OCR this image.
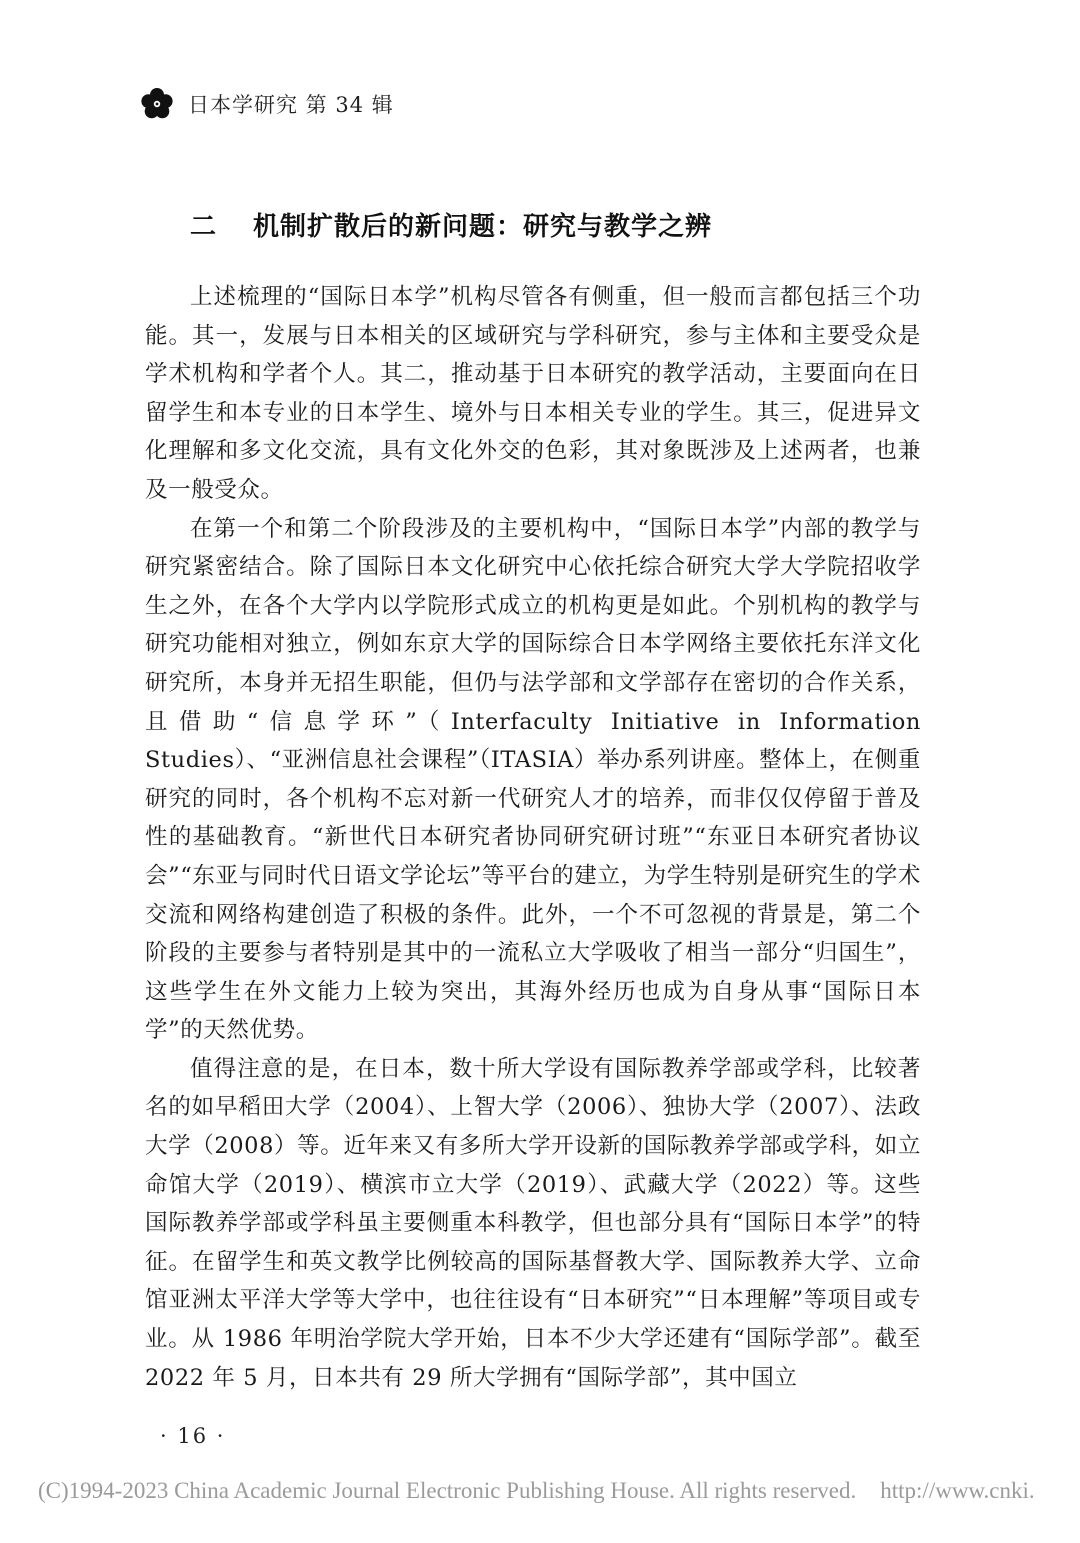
日本学研究 第 34 辑
二 机制扩散后的新问题：研究与教学之辨

上述梳理的“国际日本学”机构尽管各有侧重，但一般而言都包括三个功能。其一，发展与日本相关的区域研究与学科研究，参与主体和主要受众是学术机构和学者个人。其二，推动基于日本研究的教学活动，主要面向在日留学生和本专业的日本学生、境外与日本相关专业的学生。其三，促进异文化理解和多文化交流，具有文化外交的色彩，其对象既涉及上述两者，也兼及一般受众。

在第一个和第二个阶段涉及的主要机构中，“国际日本学”内部的教学与研究紧密结合。除了国际日本文化研究中心依托综合研究大学大学院招收学生之外，在各个大学内以学院形式成立的机构更是如此。个别机构的教学与研究功能相对独立，例如东京大学的国际综合日本学网络主要依托东洋文化研究所，本身并无招生职能，但仍与法学部和文学部存在密切的合作关系，且借助“信息学环”（Interfaculty Initiative in Information Studies）、“亚洲信息社会课程”（ITASIA）举办系列讲座。整体上，在侧重研究的同时，各个机构不忘对新一代研究人才的培养，而非仅仅停留于普及性的基础教育。“新世代日本研究者协同研究研讨班”“东亚日本研究者协议会”“东亚与同时代日语文学论坛”等平台的建立，为学生特别是研究生的学术交流和网络构建创造了积极的条件。此外，一个不可忽视的背景是，第二个阶段的主要参与者特别是其中的一流私立大学吸收了相当一部分“归国生”，这些学生在外文能力上较为突出，其海外经历也成为自身从事“国际日本学”的天然优势。

值得注意的是，在日本，数十所大学设有国际教养学部或学科，比较著名的如早稻田大学（2004）、上智大学（2006）、独协大学（2007）、法政大学（2008）等。近年来又有多所大学开设新的国际教养学部或学科，如立命馆大学（2019）、横滨市立大学（2019）、武藏大学（2022）等。这些国际教养学部或学科虽主要侧重本科教学，但也部分具有“国际日本学”的特征。在留学生和英文教学比例较高的国际基督教大学、国际教养大学、立命馆亚洲太平洋大学等大学中，也往往设有“日本研究”“日本理解”等项目或专业。从 1986 年明治学院大学开始，日本不少大学还建有“国际学部”。截至 2022 年 5 月，日本共有 29 所大学拥有“国际学部”，其中国立

· 16 ·
(C)1994-2023 China Academic Journal Electronic Publishing House. All rights reserved. http://www.cnki.
